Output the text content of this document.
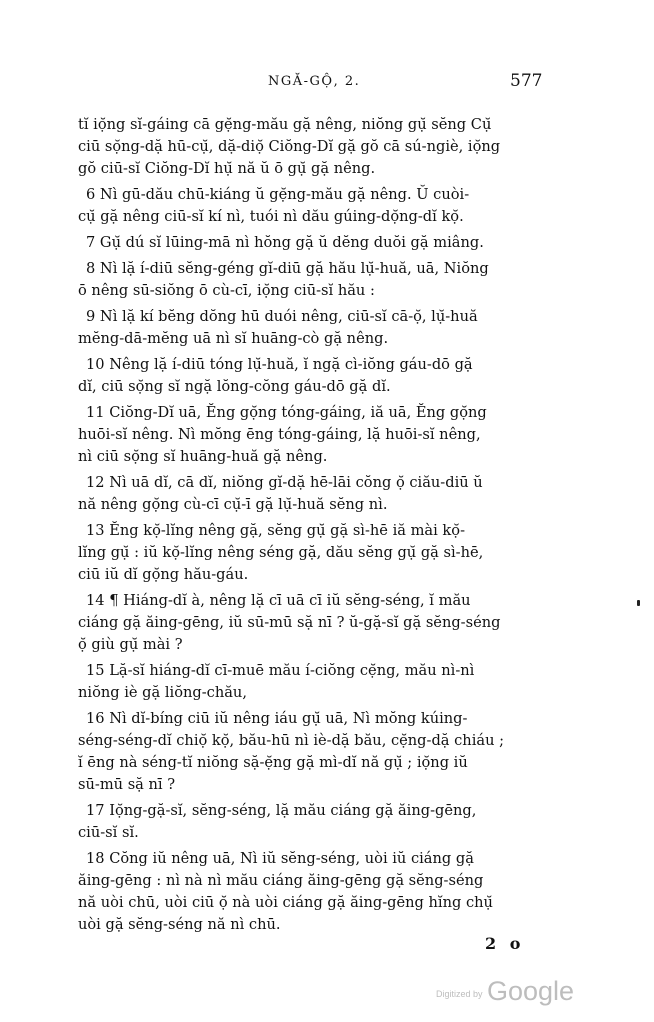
NGĂ-GỘ, 2.	577
tĭ iọ̆ng sĭ-gáing cā gẹ̆ng-mău gặ nêng, niŏng gụ̆ sĕng Cụ̆
ciū sọ̆ng-dặ hū-cụ̆, dặ-diọ̆ Ciŏng-Dĭ gặ gŏ cā sú-ngiè, iọ̆ng
gŏ ciū-sĭ Ciŏng-Dĭ hụ̆ nă ŭ ō gụ̆ gặ nêng.
6 Nì gū-dău chū-kiáng ŭ gẹ̆ng-mău gặ nêng. Ŭ cuòi-
cụ̆ gặ nêng ciū-sĭ kí nì, tuói nì dău gúing-dọ̆ng-dĭ kọ̆.
7 Gụ̆ dú sĭ lūing-mā nì hŏng gặ ŭ dĕng duŏi gặ miâng.
8 Nì lặ í-diū sĕng-géng gĭ-diū gặ hău lụ̆-huă, uā, Niŏng
ō nêng sū-siŏng ō cù-cī, iọ̆ng ciū-sĭ hău :
9 Nì lặ kí bĕng dŏng hū duói nêng, ciū-sĭ cā-ọ̆, lụ̆-huă
mĕng-dā-mĕng uā nì sĭ huāng-cò gặ nêng.
10 Nêng lặ í-diū tóng lụ̆-huă, ĭ ngặ cì-iŏng gáu-dō gặ
dĭ, ciū sọ̆ng sĭ ngặ lŏng-cŏng gáu-dō gặ dĭ.
11 Ciŏng-Dĭ uā, Ĕng gọ̆ng tóng-gáing, iă uā, Ĕng gọ̆ng
huōi-sĭ nêng. Nì mŏng ēng tóng-gáing, lặ huōi-sĭ nêng,
nì ciū sọ̆ng sĭ huāng-huă gặ nêng.
12 Nì uā dĭ, cā dĭ, niŏng gĭ-dặ hē-lāi cŏng ọ̆ ciău-diū ŭ
nă nêng gọ̆ng cù-cī cụ̆-ī gặ lụ̆-huă sĕng nì.
13 Ĕng kọ̆-lĭng nêng gặ, sĕng gụ̆ gặ sì-hē iă mài kọ̆-
lĭng gụ̆ : iŭ kọ̆-lĭng nêng séng gặ, dău sĕng gụ̆ gặ sì-hē,
ciū iŭ dĭ gọ̆ng hău-gáu.
14 ¶ Hiáng-dĭ à, nêng lặ cī uā cī iŭ sĕng-séng, ĭ mău
ciáng gặ ăing-gēng, iŭ sū-mū sặ nī ? ŭ-gặ-sĭ gặ sĕng-séng
ọ̆ giù gụ̆ mài ?
15 Lặ-sĭ hiáng-dĭ cī-muē mău í-ciŏng cẹ̆ng, mău nì-nì
niŏng iè gặ liŏng-chău,
16 Nì dĭ-bíng ciū iŭ nêng iáu gụ̆ uā, Nì mŏng kúing-
séng-séng-dĭ chiọ̆ kọ̆, bău-hū nì iè-dặ bău, cẹ̆ng-dặ chiáu ;
ĭ ēng nà séng-tĭ niŏng sặ-ẹ̆ng gặ mì-dĭ nă gụ̆ ; iọ̆ng iŭ
sū-mū sặ nī ?
17 Iọ̆ng-gặ-sĭ, sĕng-séng, lặ mău ciáng gặ ăing-gēng,
ciū-sĭ sĭ.
18 Cŏng iŭ nêng uā, Nì iŭ sĕng-séng, uòi iŭ ciáng gặ
ăing-gēng : nì nà nì mău ciáng ăing-gēng gặ sĕng-séng
nă uòi chū, uòi ciū ọ̆ nà uòi ciáng gặ ăing-gēng hĭng chụ̆
uòi gặ sĕng-séng nă nì chū.
2 o
Digitized by Google
